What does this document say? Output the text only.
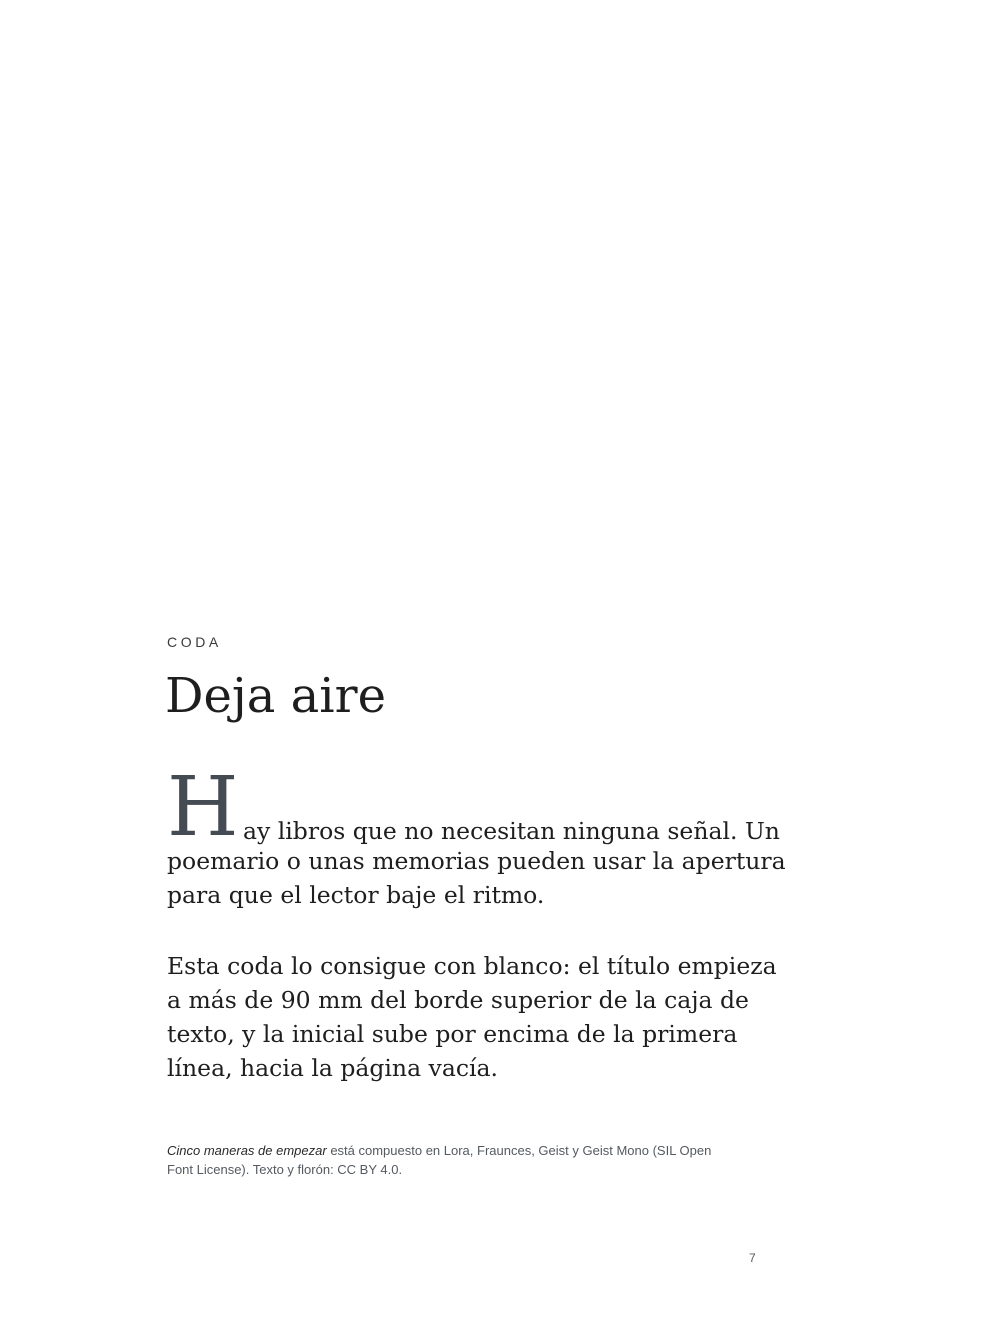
CODA
Deja aire
H ay libros que no necesitan ninguna señal. Un
poemario o unas memorias pueden usar la apertura
para que el lector baje el ritmo.
Esta coda lo consigue con blanco: el título empieza
a más de 90 mm del borde superior de la caja de
texto, y la inicial sube por encima de la primera
línea, hacia la página vacía.

Cinco maneras de empezar está compuesto en Lora, Fraunces, Geist y Geist Mono (SIL Open
Font License). Texto y florón: CC BY 4.0.

7
